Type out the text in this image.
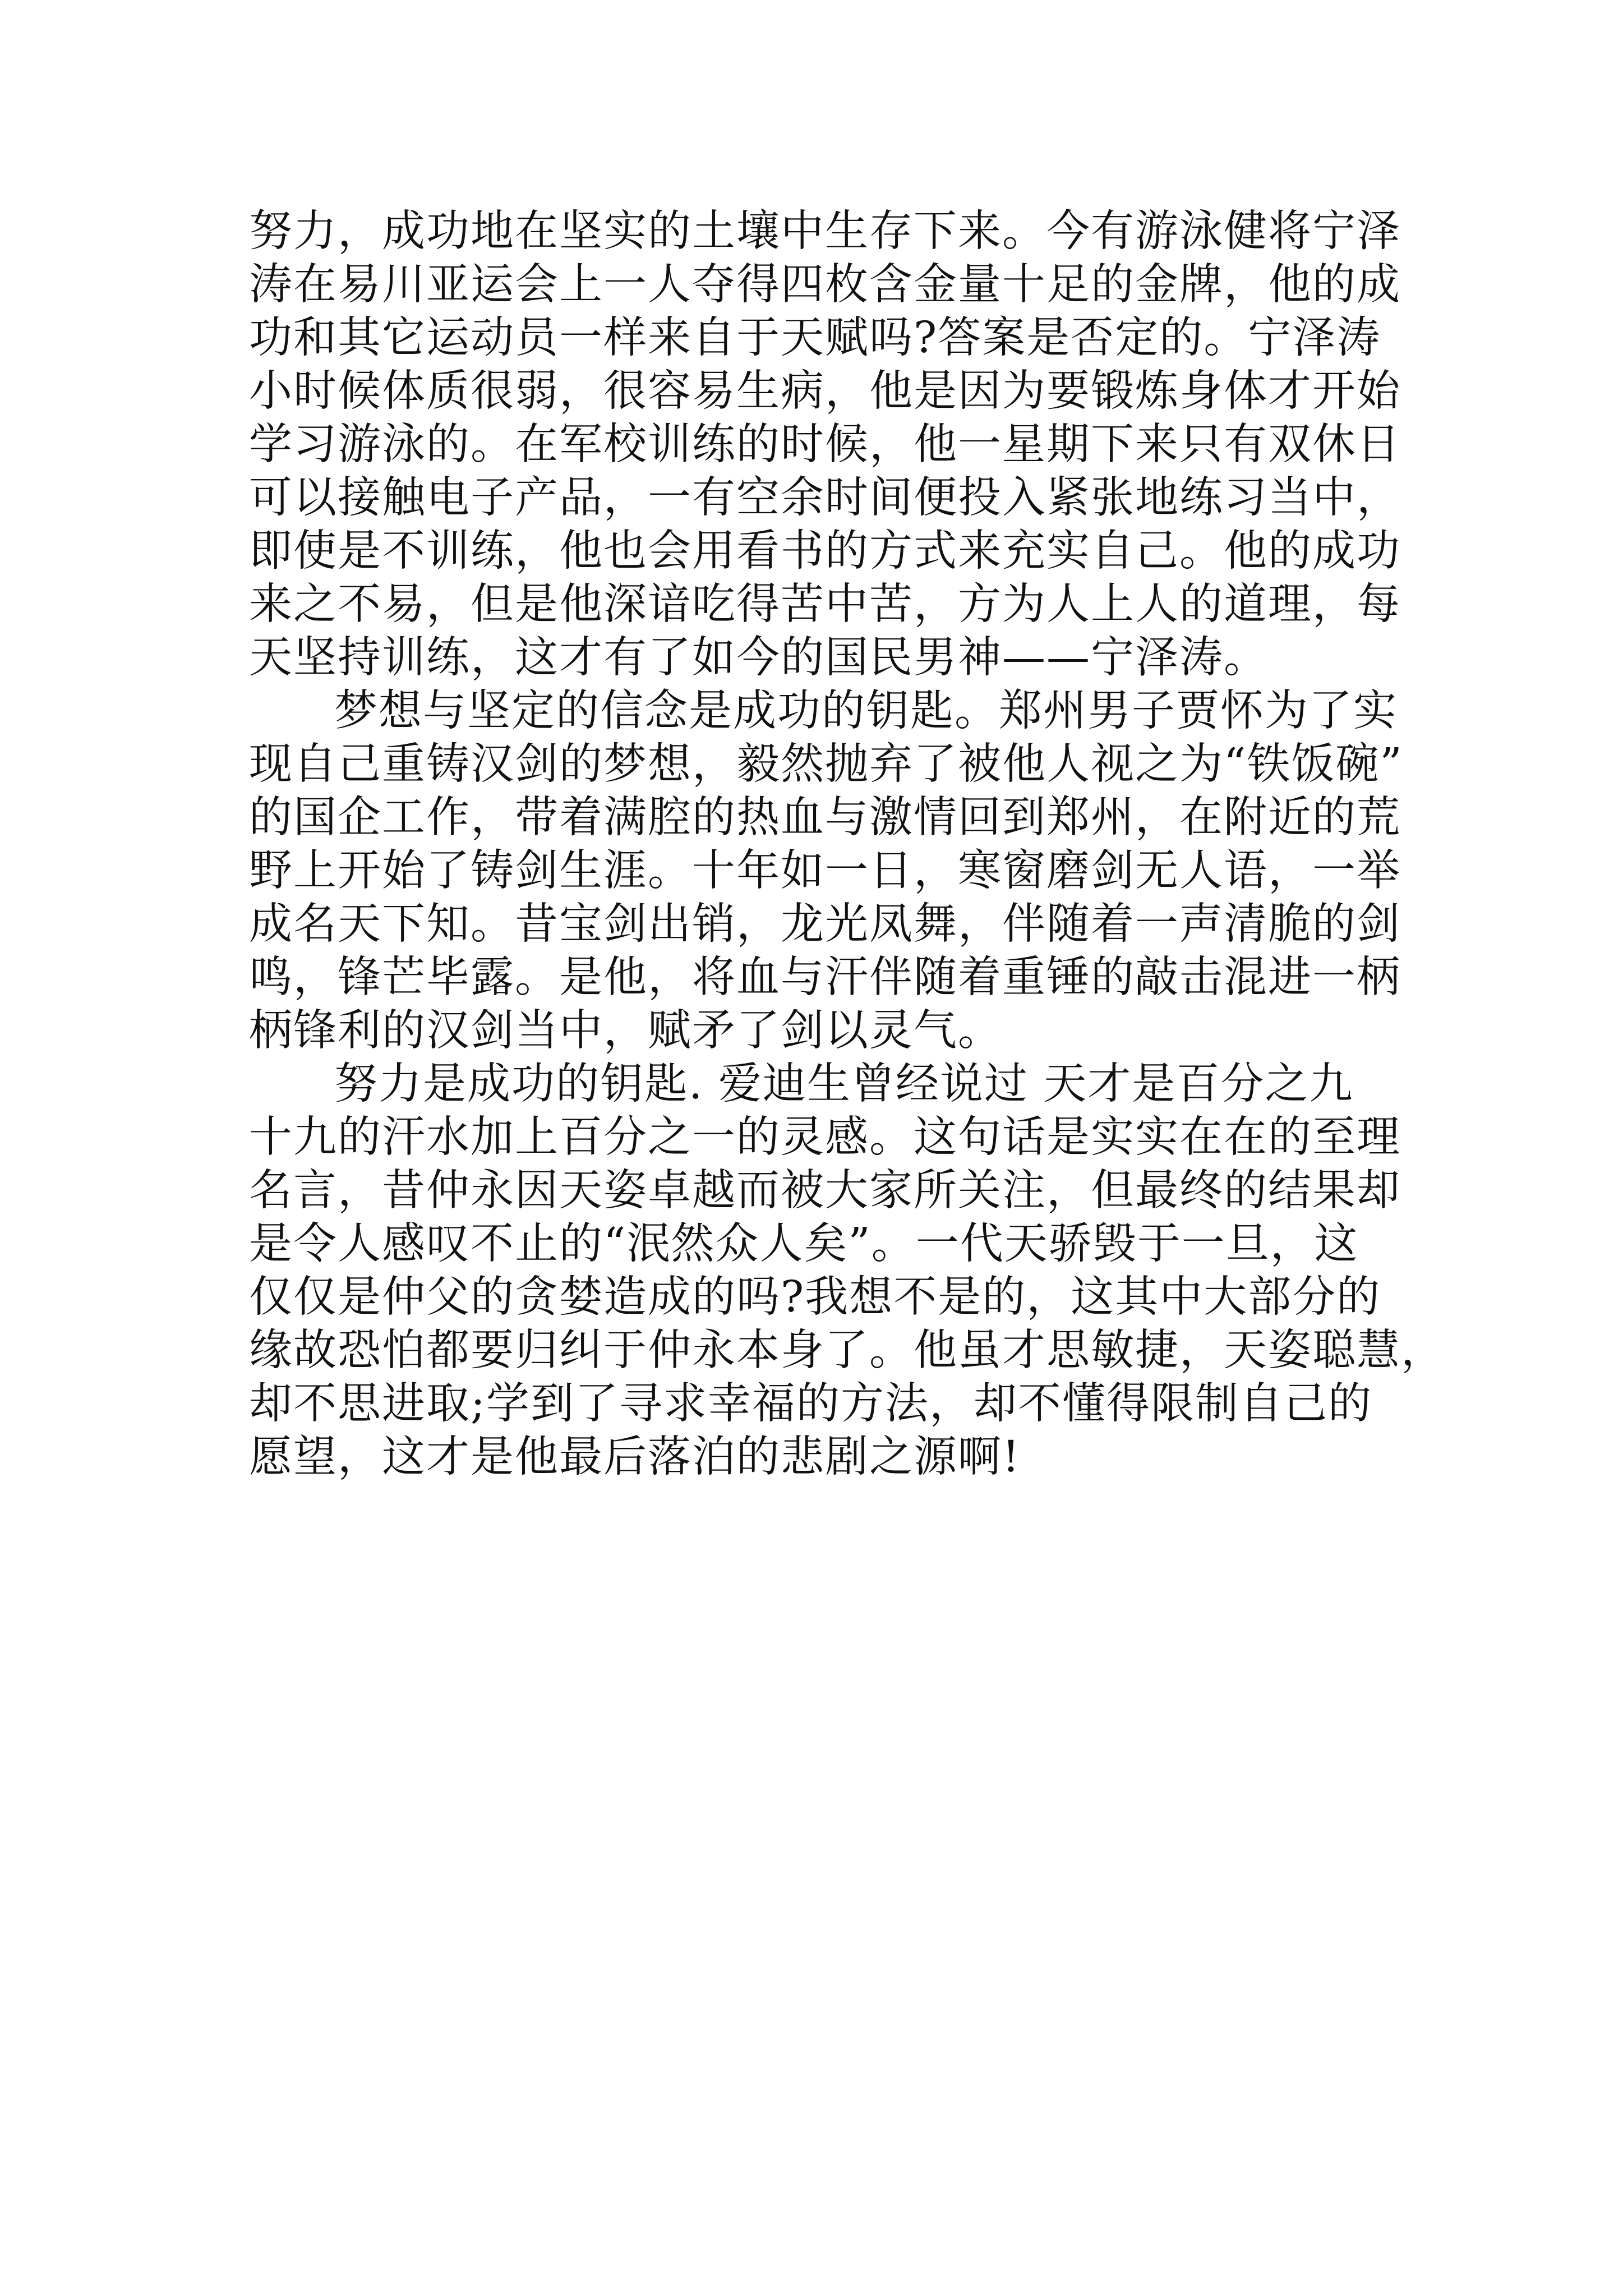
努力，成功地在坚实的土壤中生存下来。今有游泳健将宁泽
涛在易川亚运会上一人夺得四枚含金量十足的金牌，他的成
功和其它运动员一样来自于天赋吗?答案是否定的。宁泽涛
小时候体质很弱，很容易生病，他是因为要锻炼身体才开始
学习游泳的。在军校训练的时候，他一星期下来只有双休日
可以接触电子产品，一有空余时间便投入紧张地练习当中，
即使是不训练，他也会用看书的方式来充实自己。他的成功
来之不易，但是他深谙吃得苦中苦，方为人上人的道理，每
天坚持训练，这才有了如今的国民男神——宁泽涛。
梦想与坚定的信念是成功的钥匙。郑州男子贾怀为了实
现自己重铸汉剑的梦想，毅然抛弃了被他人视之为“铁饭碗”
的国企工作，带着满腔的热血与激情回到郑州，在附近的荒
野上开始了铸剑生涯。十年如一日，寒窗磨剑无人语，一举
成名天下知。昔宝剑出销，龙光凤舞，伴随着一声清脆的剑
鸣，锋芒毕露。是他，将血与汗伴随着重锤的敲击混进一柄
柄锋利的汉剑当中，赋矛了剑以灵气。
努力是成功的钥匙. 爱迪生曾经说过 天才是百分之九
十九的汗水加上百分之一的灵感。这句话是实实在在的至理
名言，昔仲永因天姿卓越而被大家所关注，但最终的结果却
是令人感叹不止的“泯然众人矣”。一代天骄毁于一旦，这
仅仅是仲父的贪婪造成的吗?我想不是的，这其中大部分的
缘故恐怕都要归纠于仲永本身了。他虽才思敏捷，天姿聪慧，
却不思进取;学到了寻求幸福的方法，却不懂得限制自己的
愿望，这才是他最后落泊的悲剧之源啊!
